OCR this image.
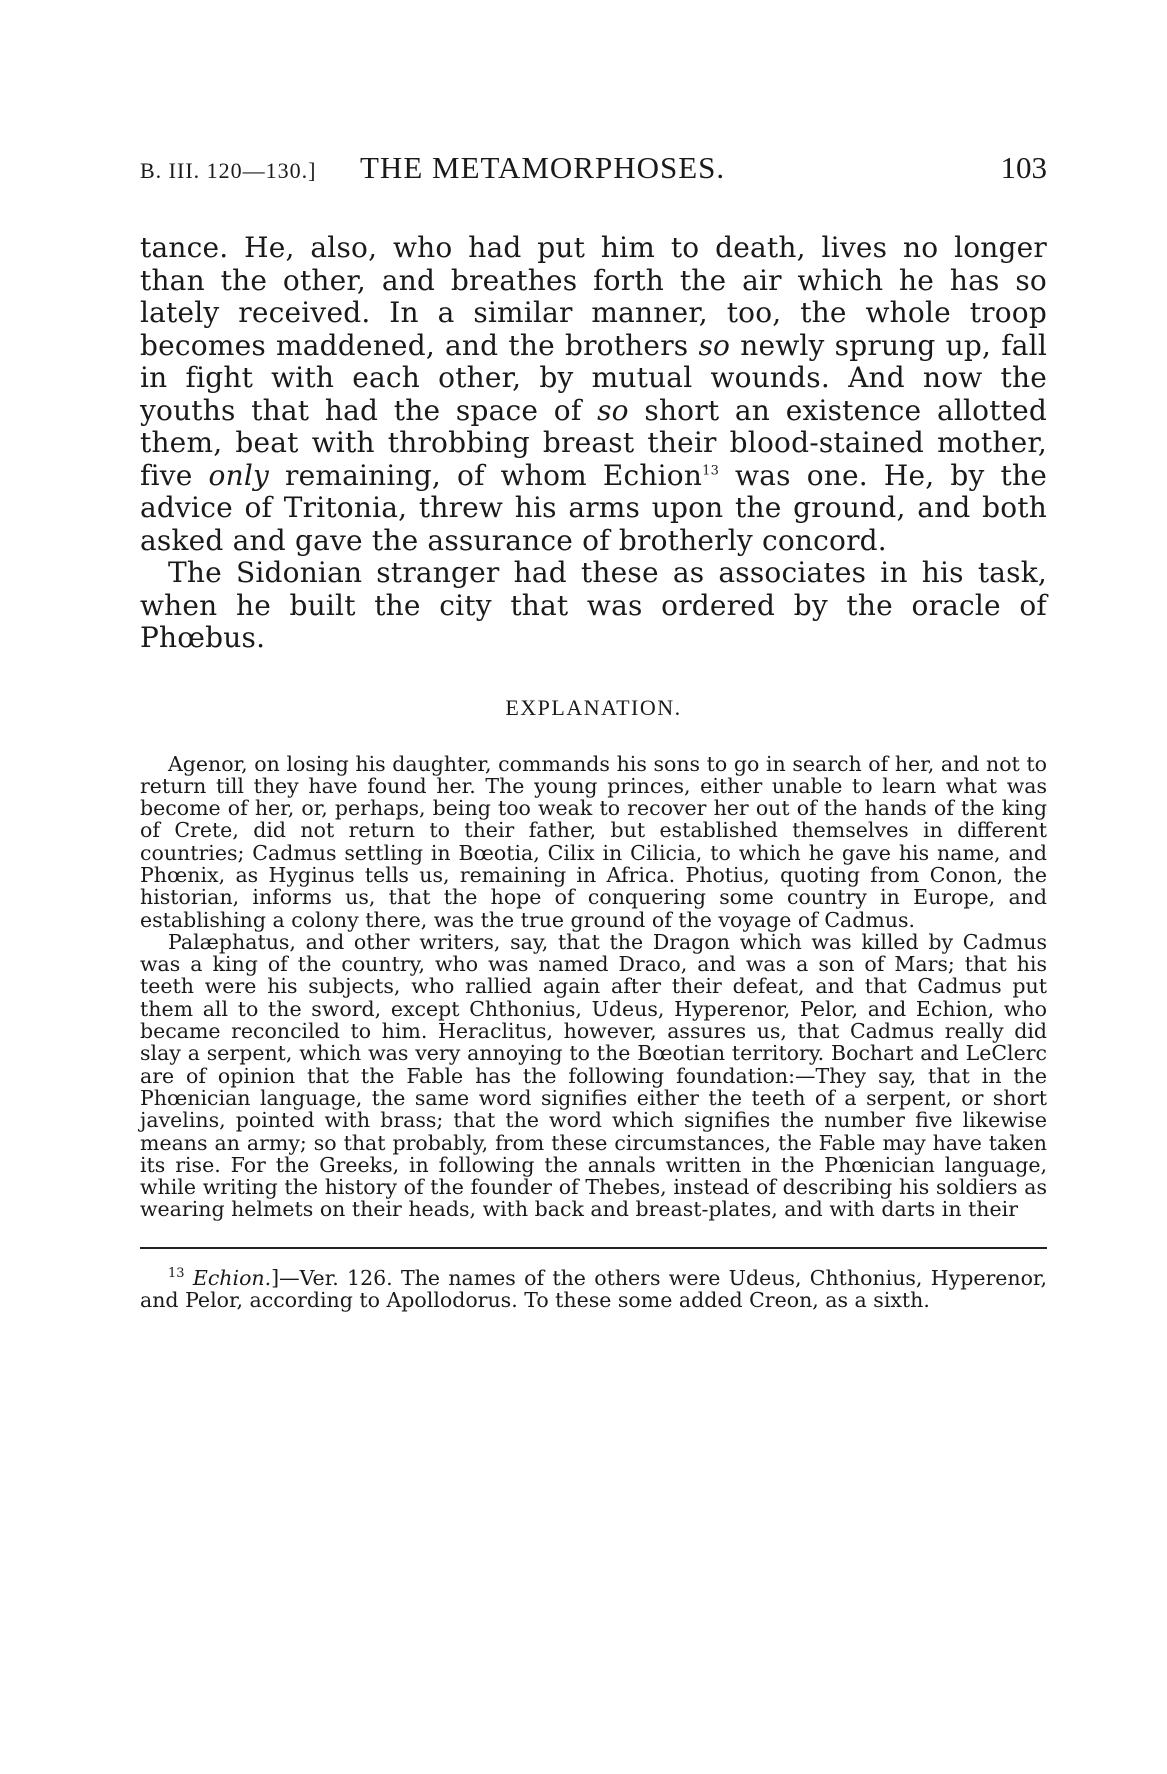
B. III. 120—130.]	THE METAMORPHOSES.	103

tance. He, also, who had put him to death, lives no longer than the other, and breathes forth the air which he has so lately received. In a similar manner, too, the whole troop becomes maddened, and the brothers so newly sprung up, fall in fight with each other, by mutual wounds. And now the youths that had the space of so short an existence allotted them, beat with throbbing breast their blood-stained mother, five only remaining, of whom Echion$^{13}$ was one. He, by the advice of Tritonia, threw his arms upon the ground, and both asked and gave the assurance of brotherly concord.

The Sidonian stranger had these as associates in his task, when he built the city that was ordered by the oracle of Phœbus.

EXPLANATION.

Agenor, on losing his daughter, commands his sons to go in search of her, and not to return till they have found her. The young princes, either unable to learn what was become of her, or, perhaps, being too weak to recover her out of the hands of the king of Crete, did not return to their father, but established themselves in different countries; Cadmus settling in Bœotia, Cilix in Cilicia, to which he gave his name, and Phœnix, as Hyginus tells us, remaining in Africa. Photius, quoting from Conon, the historian, informs us, that the hope of conquering some country in Europe, and establishing a colony there, was the true ground of the voyage of Cadmus.

Palæphatus, and other writers, say, that the Dragon which was killed by Cadmus was a king of the country, who was named Draco, and was a son of Mars; that his teeth were his subjects, who rallied again after their defeat, and that Cadmus put them all to the sword, except Chthonius, Udeus, Hyperenor, Pelor, and Echion, who became reconciled to him. Heraclitus, however, assures us, that Cadmus really did slay a serpent, which was very annoying to the Bœotian territory. Bochart and LeClerc are of opinion that the Fable has the following foundation:—They say, that in the Phœnician language, the same word signifies either the teeth of a serpent, or short javelins, pointed with brass; that the word which signifies the number five likewise means an army; so that probably, from these circumstances, the Fable may have taken its rise. For the Greeks, in following the annals written in the Phœnician language, while writing the history of the founder of Thebes, instead of describing his soldiers as wearing helmets on their heads, with back and breast-plates, and with darts in their

$^{13}$ Echion.]—Ver. 126. The names of the others were Udeus, Chthonius, Hyperenor, and Pelor, according to Apollodorus. To these some added Creon, as a sixth.
